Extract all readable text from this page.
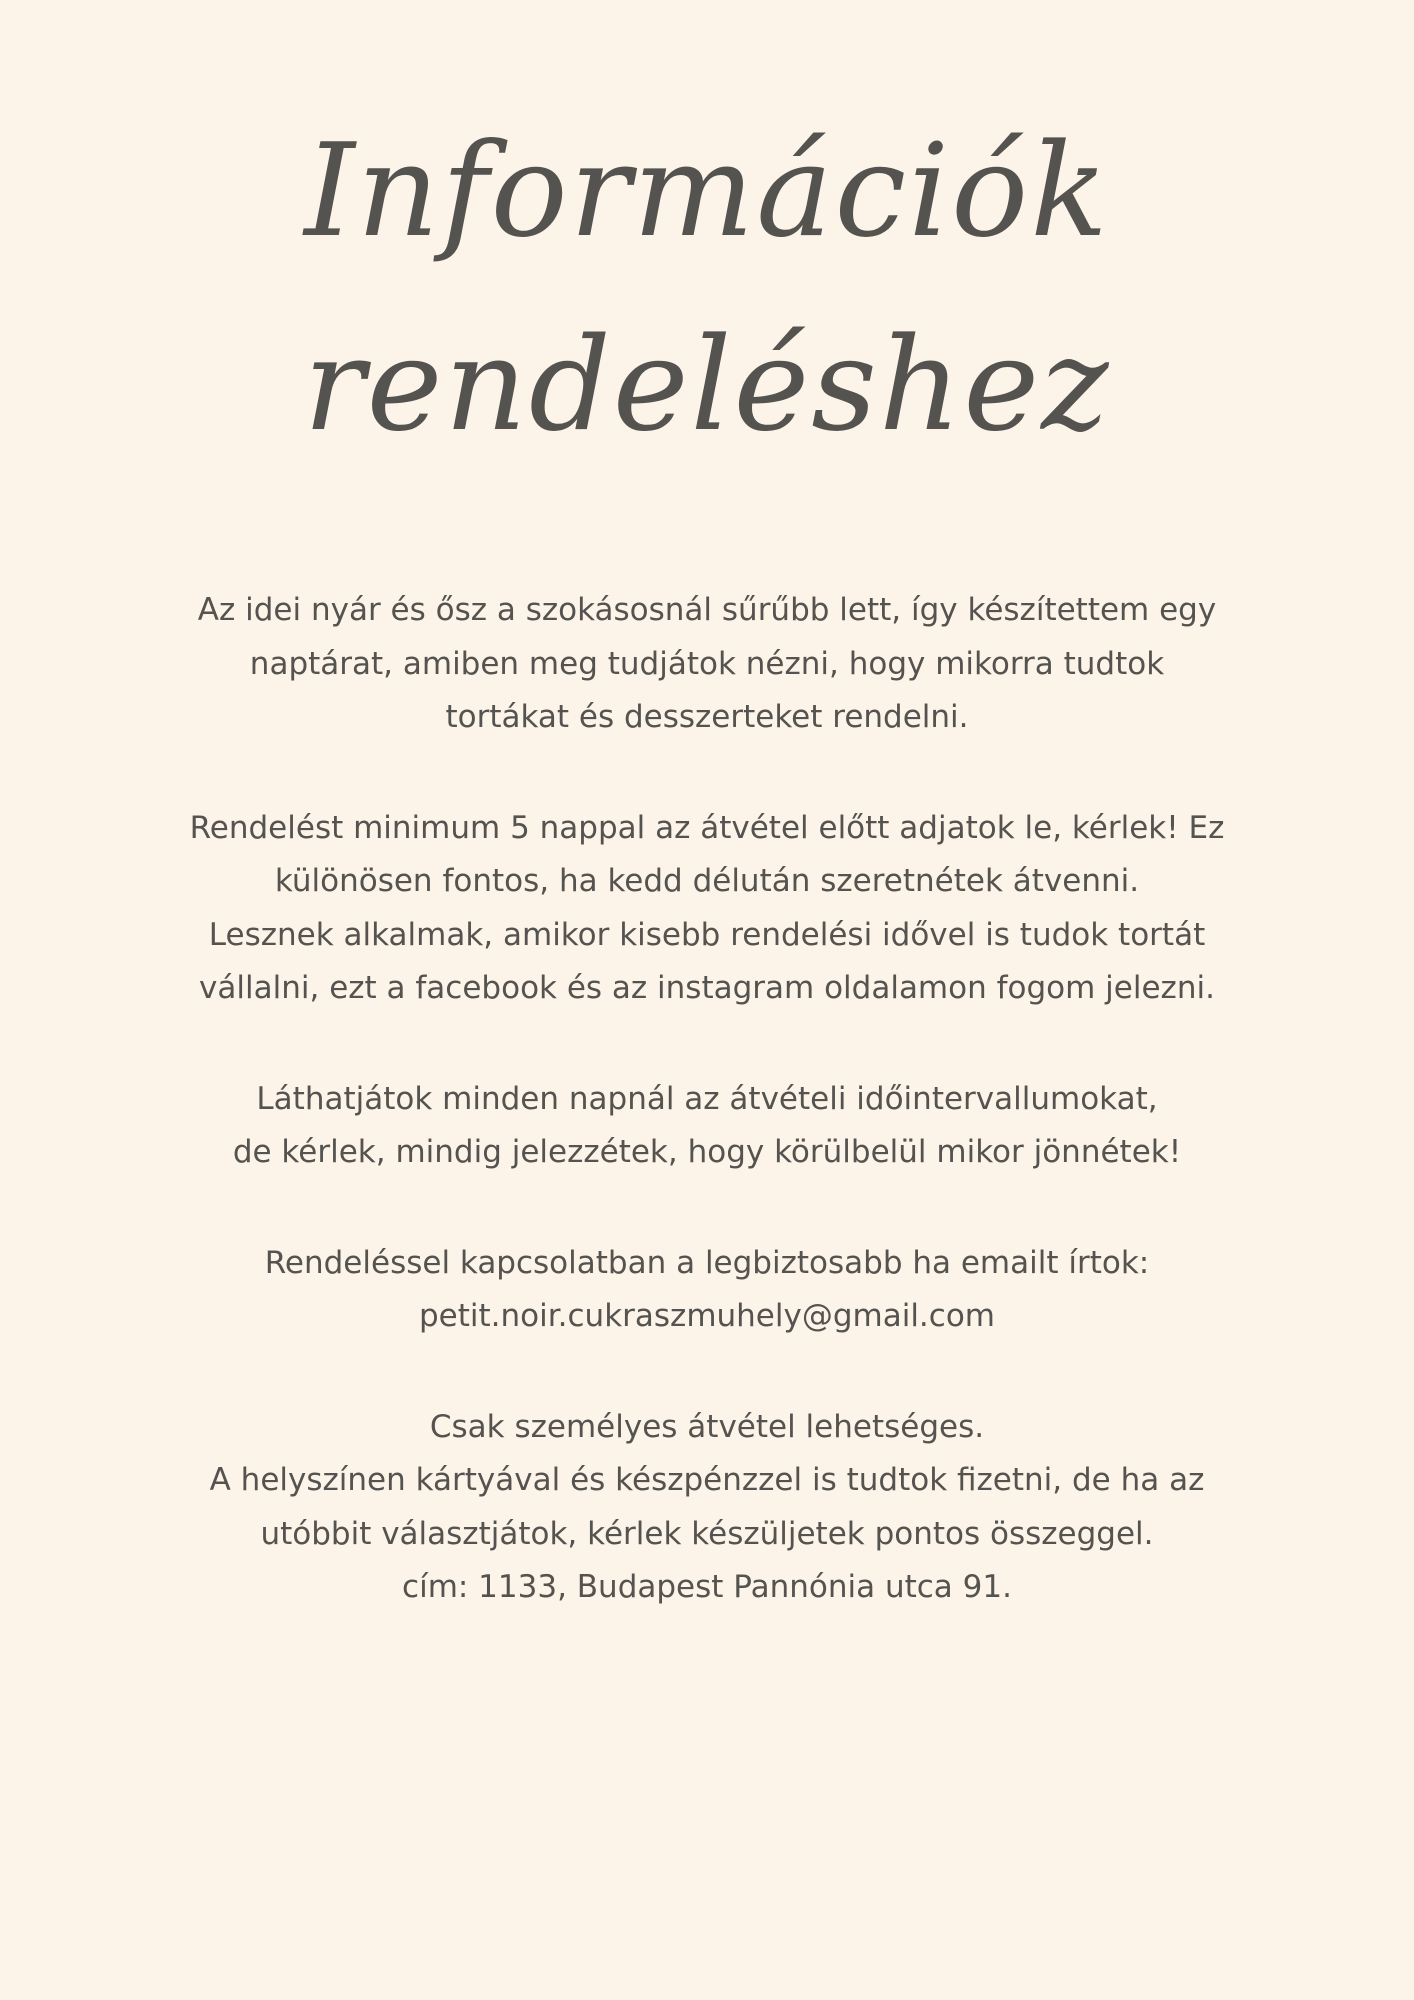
Információk
rendeléshez

Az idei nyár és ősz a szokásosnál sűrűbb lett, így készítettem egy
naptárat, amiben meg tudjátok nézni, hogy mikorra tudtok
tortákat és desszerteket rendelni.

Rendelést minimum 5 nappal az átvétel előtt adjatok le, kérlek! Ez
különösen fontos, ha kedd délután szeretnétek átvenni.
Lesznek alkalmak, amikor kisebb rendelési idővel is tudok tortát
vállalni, ezt a facebook és az instagram oldalamon fogom jelezni.

Láthatjátok minden napnál az átvételi időintervallumokat,
de kérlek, mindig jelezzétek, hogy körülbelül mikor jönnétek!

Rendeléssel kapcsolatban a legbiztosabb ha emailt írtok:
petit.noir.cukraszmuhely@gmail.com

Csak személyes átvétel lehetséges.
A helyszínen kártyával és készpénzzel is tudtok fizetni, de ha az
utóbbit választjátok, kérlek készüljetek pontos összeggel.
cím: 1133, Budapest Pannónia utca 91.
